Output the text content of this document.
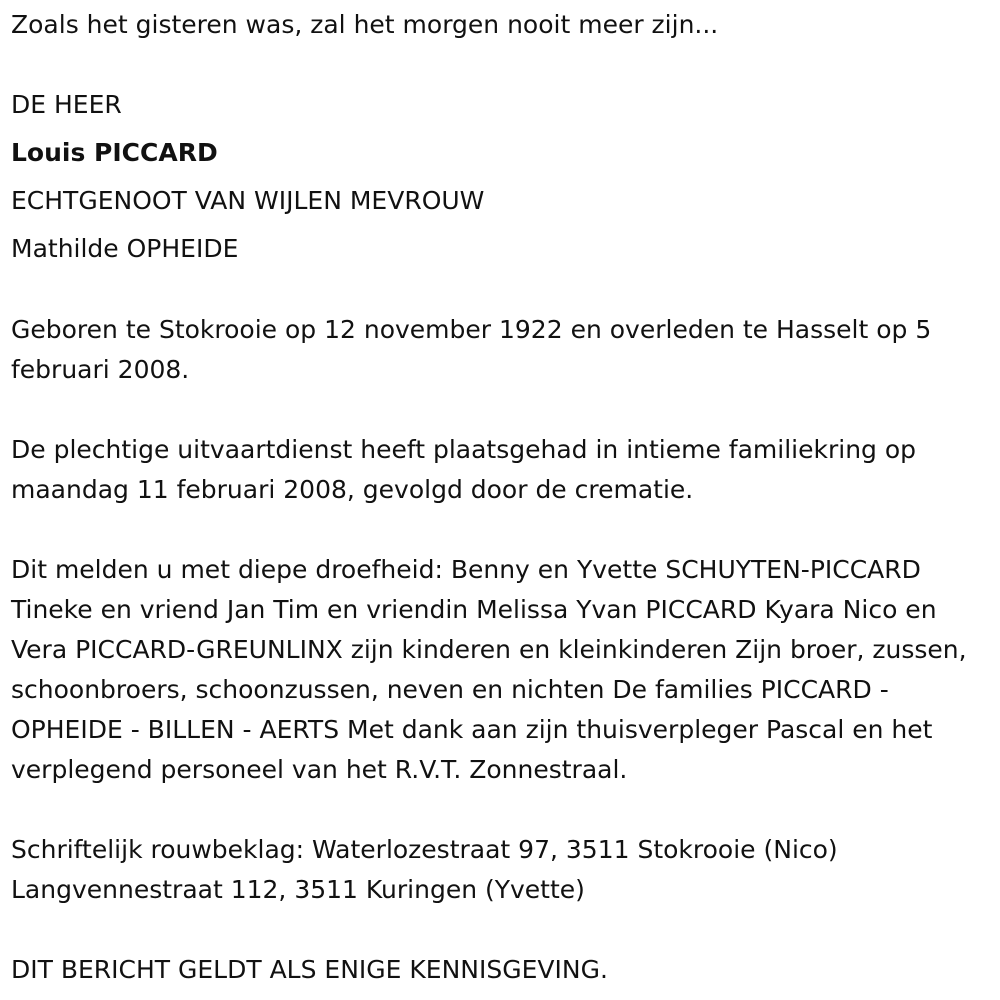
Zoals het gisteren was, zal het morgen nooit meer zijn...
DE HEER
Louis PICCARD
ECHTGENOOT VAN WIJLEN MEVROUW
Mathilde OPHEIDE
Geboren te Stokrooie op 12 november 1922 en overleden te Hasselt op 5 februari 2008.
De plechtige uitvaartdienst heeft plaatsgehad in intieme familiekring op maandag 11 februari 2008, gevolgd door de crematie.
Dit melden u met diepe droefheid: Benny en Yvette SCHUYTEN-PICCARD Tineke en vriend Jan Tim en vriendin Melissa Yvan PICCARD Kyara Nico en Vera PICCARD-GREUNLINX zijn kinderen en kleinkinderen Zijn broer, zussen, schoonbroers, schoonzussen, neven en nichten De families PICCARD - OPHEIDE - BILLEN - AERTS Met dank aan zijn thuisverpleger Pascal en het verplegend personeel van het R.V.T. Zonnestraal.
Schriftelijk rouwbeklag: Waterlozestraat 97, 3511 Stokrooie (Nico) Langvennestraat 112, 3511 Kuringen (Yvette)
DIT BERICHT GELDT ALS ENIGE KENNISGEVING.
